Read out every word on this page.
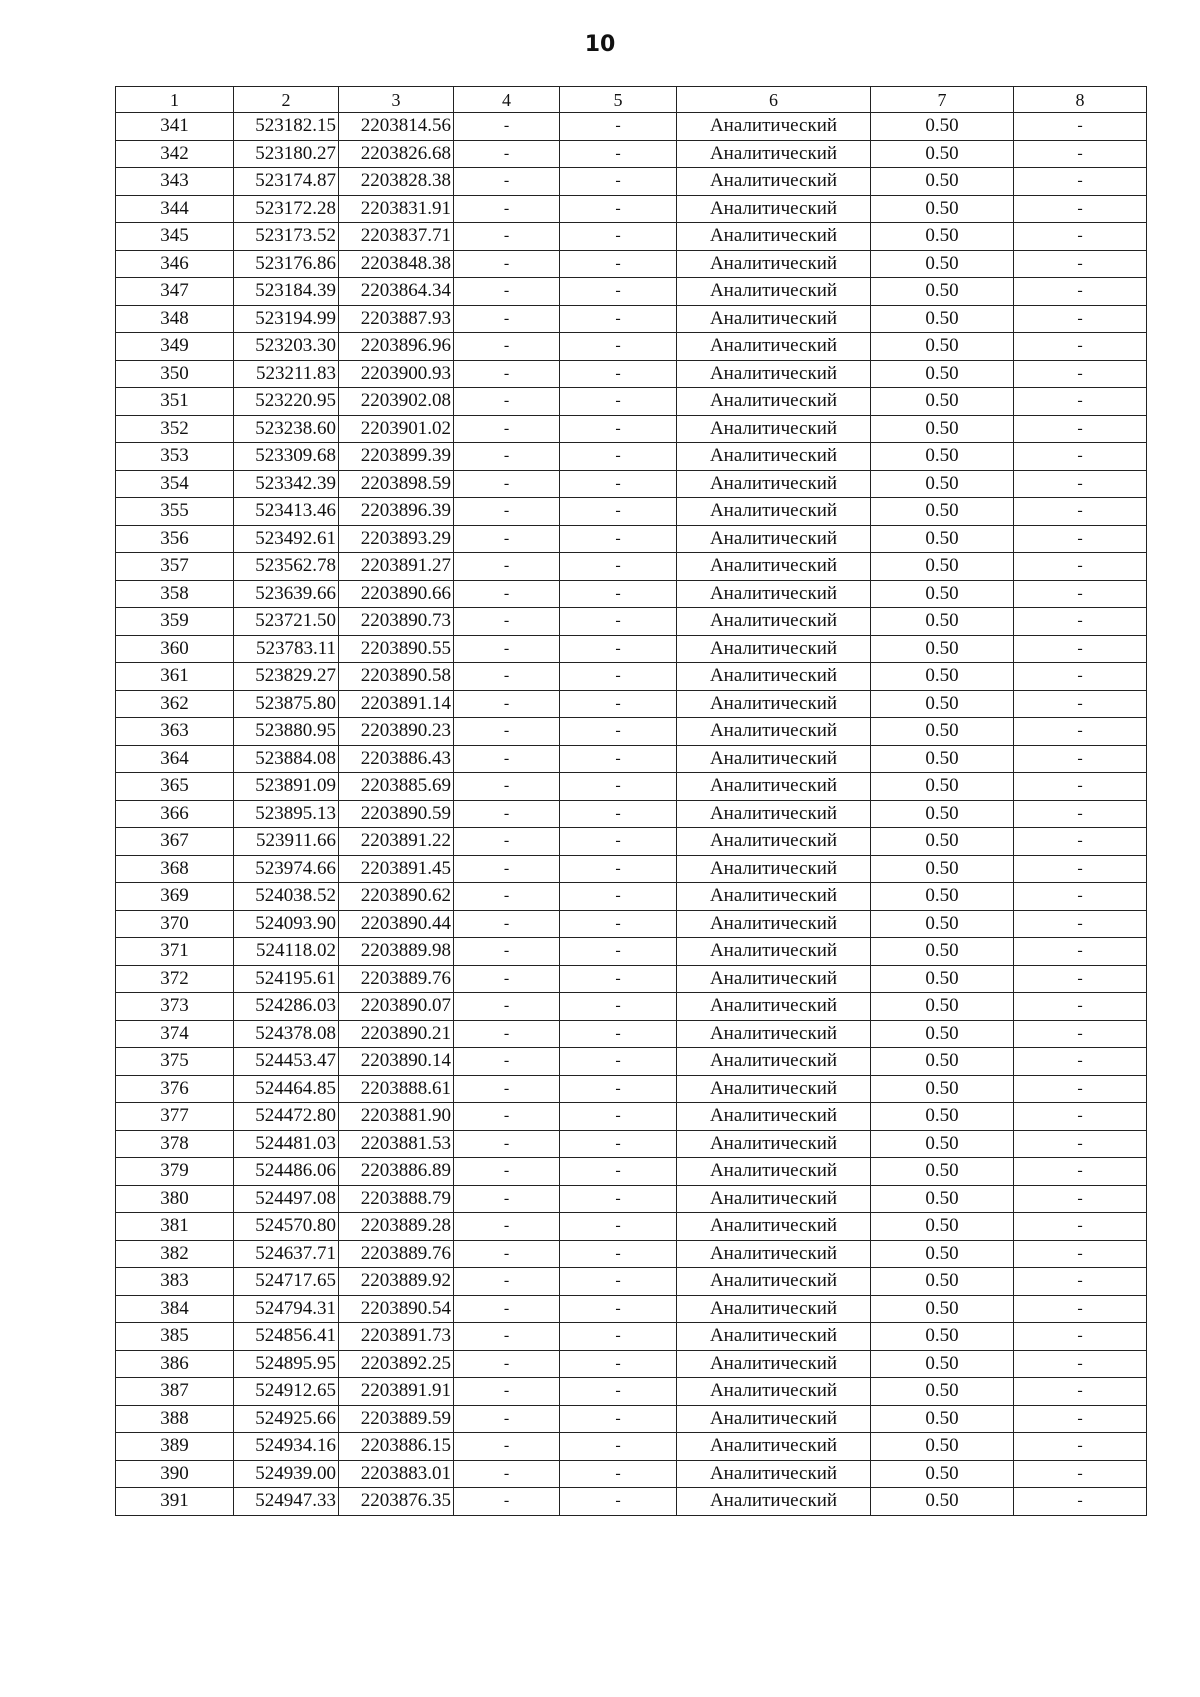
10
1	2	3	4	5	6	7	8
341	523182.15	2203814.56	-	-	Аналитический	0.50	-
342	523180.27	2203826.68	-	-	Аналитический	0.50	-
343	523174.87	2203828.38	-	-	Аналитический	0.50	-
344	523172.28	2203831.91	-	-	Аналитический	0.50	-
345	523173.52	2203837.71	-	-	Аналитический	0.50	-
346	523176.86	2203848.38	-	-	Аналитический	0.50	-
347	523184.39	2203864.34	-	-	Аналитический	0.50	-
348	523194.99	2203887.93	-	-	Аналитический	0.50	-
349	523203.30	2203896.96	-	-	Аналитический	0.50	-
350	523211.83	2203900.93	-	-	Аналитический	0.50	-
351	523220.95	2203902.08	-	-	Аналитический	0.50	-
352	523238.60	2203901.02	-	-	Аналитический	0.50	-
353	523309.68	2203899.39	-	-	Аналитический	0.50	-
354	523342.39	2203898.59	-	-	Аналитический	0.50	-
355	523413.46	2203896.39	-	-	Аналитический	0.50	-
356	523492.61	2203893.29	-	-	Аналитический	0.50	-
357	523562.78	2203891.27	-	-	Аналитический	0.50	-
358	523639.66	2203890.66	-	-	Аналитический	0.50	-
359	523721.50	2203890.73	-	-	Аналитический	0.50	-
360	523783.11	2203890.55	-	-	Аналитический	0.50	-
361	523829.27	2203890.58	-	-	Аналитический	0.50	-
362	523875.80	2203891.14	-	-	Аналитический	0.50	-
363	523880.95	2203890.23	-	-	Аналитический	0.50	-
364	523884.08	2203886.43	-	-	Аналитический	0.50	-
365	523891.09	2203885.69	-	-	Аналитический	0.50	-
366	523895.13	2203890.59	-	-	Аналитический	0.50	-
367	523911.66	2203891.22	-	-	Аналитический	0.50	-
368	523974.66	2203891.45	-	-	Аналитический	0.50	-
369	524038.52	2203890.62	-	-	Аналитический	0.50	-
370	524093.90	2203890.44	-	-	Аналитический	0.50	-
371	524118.02	2203889.98	-	-	Аналитический	0.50	-
372	524195.61	2203889.76	-	-	Аналитический	0.50	-
373	524286.03	2203890.07	-	-	Аналитический	0.50	-
374	524378.08	2203890.21	-	-	Аналитический	0.50	-
375	524453.47	2203890.14	-	-	Аналитический	0.50	-
376	524464.85	2203888.61	-	-	Аналитический	0.50	-
377	524472.80	2203881.90	-	-	Аналитический	0.50	-
378	524481.03	2203881.53	-	-	Аналитический	0.50	-
379	524486.06	2203886.89	-	-	Аналитический	0.50	-
380	524497.08	2203888.79	-	-	Аналитический	0.50	-
381	524570.80	2203889.28	-	-	Аналитический	0.50	-
382	524637.71	2203889.76	-	-	Аналитический	0.50	-
383	524717.65	2203889.92	-	-	Аналитический	0.50	-
384	524794.31	2203890.54	-	-	Аналитический	0.50	-
385	524856.41	2203891.73	-	-	Аналитический	0.50	-
386	524895.95	2203892.25	-	-	Аналитический	0.50	-
387	524912.65	2203891.91	-	-	Аналитический	0.50	-
388	524925.66	2203889.59	-	-	Аналитический	0.50	-
389	524934.16	2203886.15	-	-	Аналитический	0.50	-
390	524939.00	2203883.01	-	-	Аналитический	0.50	-
391	524947.33	2203876.35	-	-	Аналитический	0.50	-
